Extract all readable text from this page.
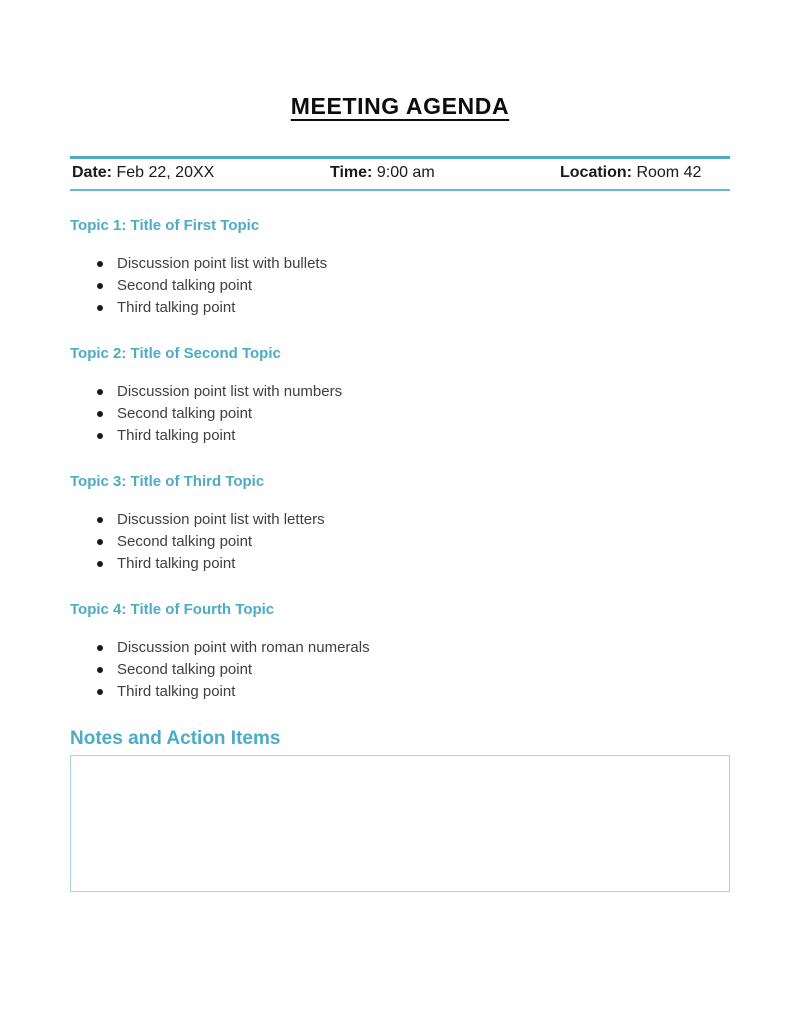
MEETING AGENDA
Date: Feb 22, 20XX	Time: 9:00 am	Location: Room 42
Topic 1: Title of First Topic
Discussion point list with bullets
Second talking point
Third talking point
Topic 2: Title of Second Topic
Discussion point list with numbers
Second talking point
Third talking point
Topic 3: Title of Third Topic
Discussion point list with letters
Second talking point
Third talking point
Topic 4: Title of Fourth Topic
Discussion point with roman numerals
Second talking point
Third talking point
Notes and Action Items
